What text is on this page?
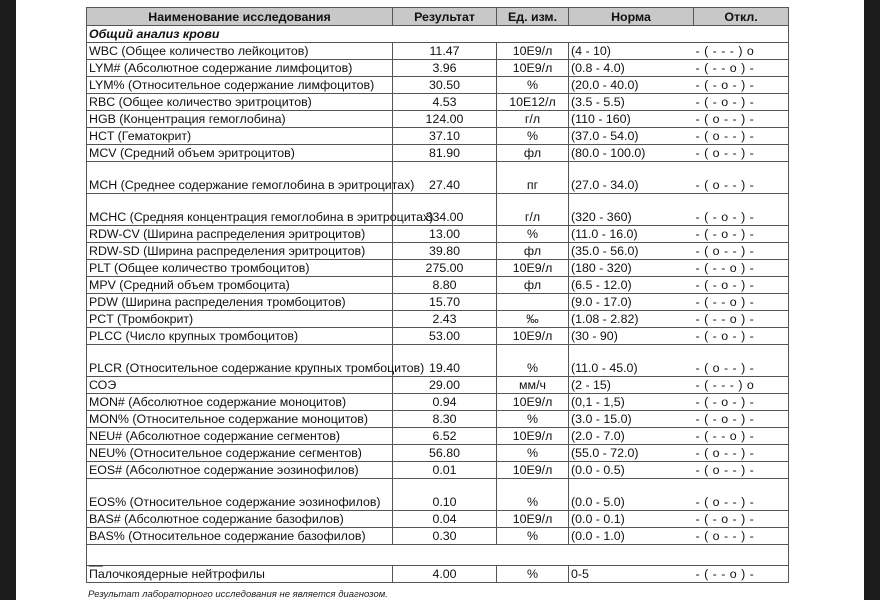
Наименование исследования	Результат	Ед. изм.	Норма	Откл.
Общий анализ крови				
WBC (Общее количество лейкоцитов)	11.47	10E9/л	(4 - 10)	- ( - - - ) o
LYM# (Абсолютное содержание лимфоцитов)	3.96	10E9/л	(0.8 - 4.0)	- ( - - o ) -
LYM% (Относительное содержание лимфоцитов)	30.50	%	(20.0 - 40.0)	- ( - o - ) -
RBC (Общее количество эритроцитов)	4.53	10E12/л	(3.5 - 5.5)	- ( - o - ) -
HGB (Концентрация гемоглобина)	124.00	г/л	(110 - 160)	- ( o - - ) -
HCT (Гематокрит)	37.10	%	(37.0 - 54.0)	- ( o - - ) -
MCV (Средний объем эритроцитов)	81.90	фл	(80.0 - 100.0)	- ( o - - ) -
MCH (Среднее содержание гемоглобина в эритроцитах)	27.40	пг	(27.0 - 34.0)	- ( o - - ) -
MCHC (Средняя концентрация гемоглобина в эритроцитах)	334.00	г/л	(320 - 360)	- ( - o - ) -
RDW-CV (Ширина распределения эритроцитов)	13.00	%	(11.0 - 16.0)	- ( - o - ) -
RDW-SD (Ширина распределения эритроцитов)	39.80	фл	(35.0 - 56.0)	- ( o - - ) -
PLT (Общее количество тромбоцитов)	275.00	10E9/л	(180 - 320)	- ( - - o ) -
MPV (Средний объем тромбоцита)	8.80	фл	(6.5 - 12.0)	- ( - o - ) -
PDW (Ширина распределения тромбоцитов)	15.70		(9.0 - 17.0)	- ( - - o ) -
PCT (Тромбокрит)	2.43	‰	(1.08 - 2.82)	- ( - - o ) -
PLCC (Число крупных тромбоцитов)	53.00	10E9/л	(30 - 90)	- ( - o - ) -
PLCR (Относительное содержание крупных тромбоцитов)	19.40	%	(11.0 - 45.0)	- ( o - - ) -
СОЭ	29.00	мм/ч	(2 - 15)	- ( - - - ) o
MON# (Абсолютное содержание моноцитов)	0.94	10E9/л	(0,1 - 1,5)	- ( - o - ) -
MON% (Относительное содержание моноцитов)	8.30	%	(3.0 - 15.0)	- ( - o - ) -
NEU# (Абсолютное содержание сегментов)	6.52	10E9/л	(2.0 - 7.0)	- ( - - o ) -
NEU% (Относительное содержание сегментов)	56.80	%	(55.0 - 72.0)	- ( o - - ) -
EOS# (Абсолютное содержание эозинофилов)	0.01	10E9/л	(0.0 - 0.5)	- ( o - - ) -
EOS% (Относительное содержание эозинофилов)	0.10	%	(0.0 - 5.0)	- ( o - - ) -
BAS# (Абсолютное содержание базофилов)	0.04	10E9/л	(0.0 - 0.1)	- ( - o - ) -
BAS% (Относительное содержание базофилов)	0.30	%	(0.0 - 1.0)	- ( o - - ) -
__				
Палочкоядерные нейтрофилы	4.00	%	0-5	- ( - - o ) -
Результат лабораторного исследования не является диагнозом.
